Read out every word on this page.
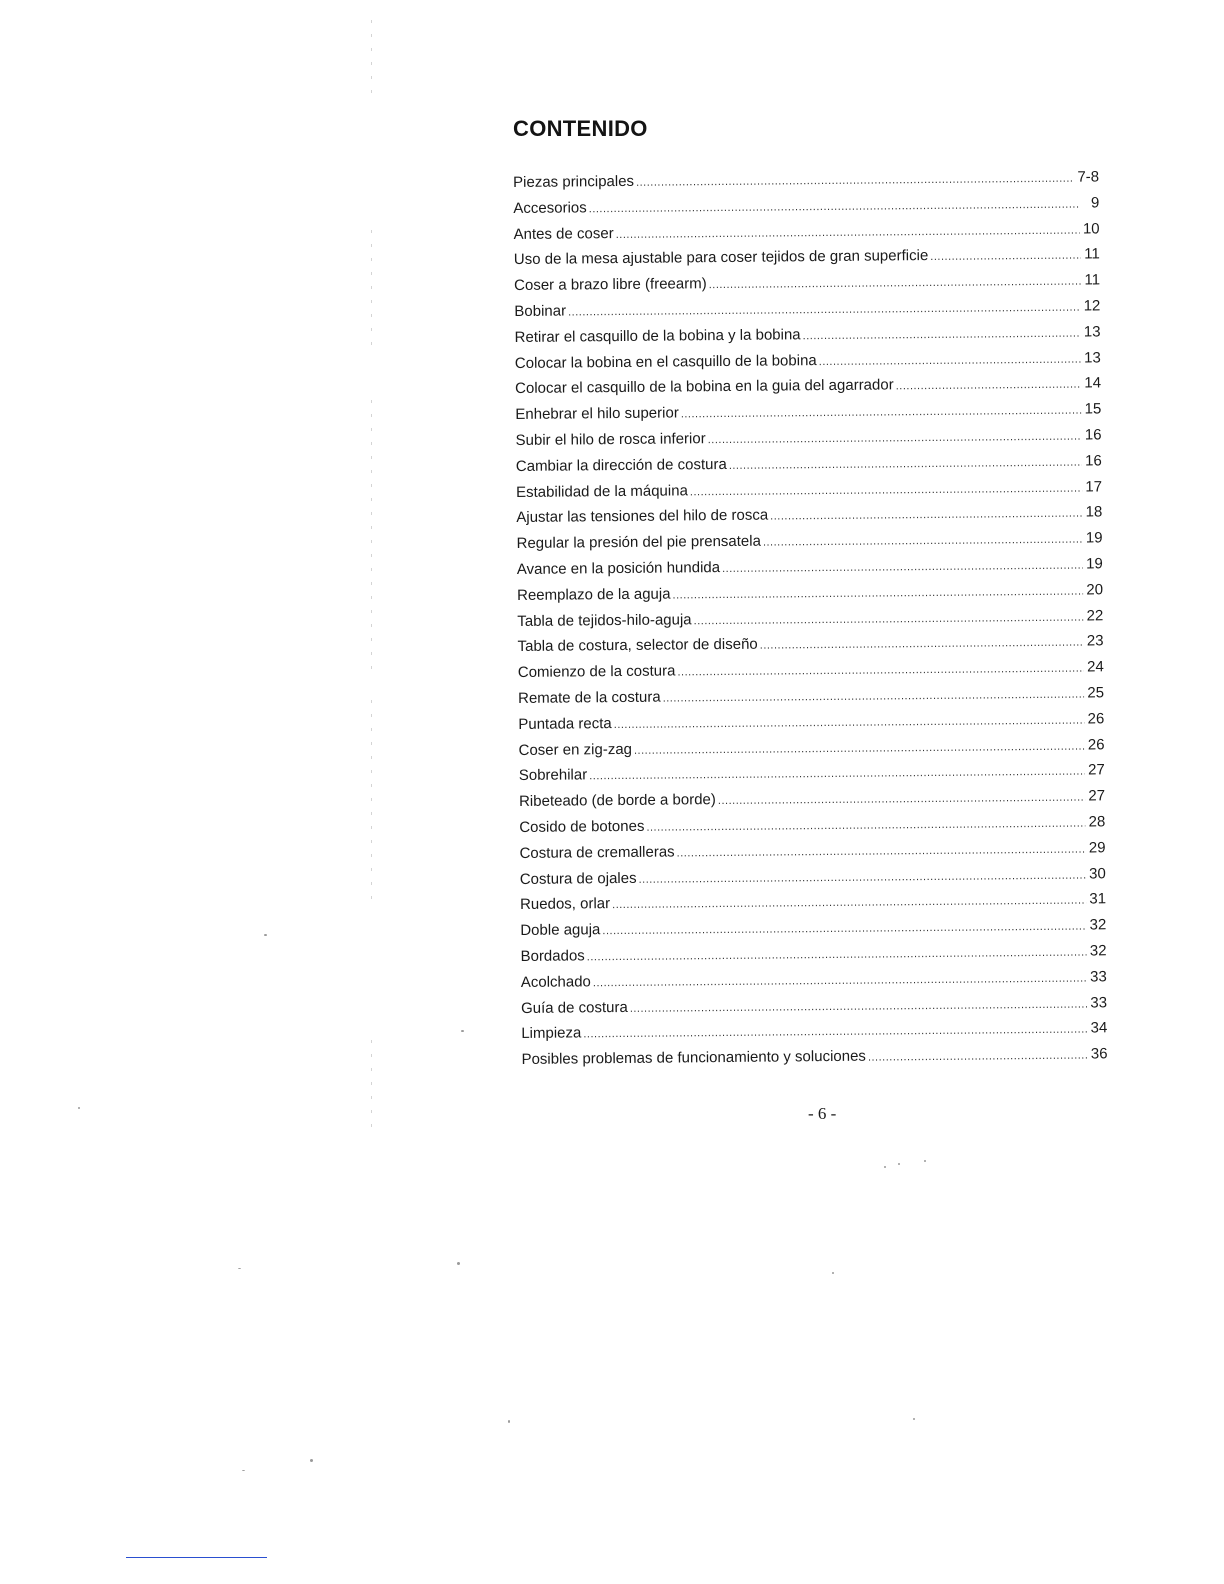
CONTENIDO
Piezas principales .....	7-8
Accesorios .....	9
Antes de coser .....	10
Uso de la mesa ajustable para coser tejidos de gran superficie .....	11
Coser a brazo libre (freearm) .....	11
Bobinar .....	12
Retirar el casquillo de la bobina y la bobina .....	13
Colocar la bobina en el casquillo de la bobina .....	13
Colocar el casquillo de la bobina en la guia del agarrador .....	14
Enhebrar el hilo superior .....	15
Subir el hilo de rosca inferior .....	16
Cambiar la dirección de costura .....	16
Estabilidad de la máquina .....	17
Ajustar las tensiones del hilo de rosca .....	18
Regular la presión del pie prensatela .....	19
Avance en la posición hundida .....	19
Reemplazo de la aguja .....	20
Tabla de tejidos-hilo-aguja .....	22
Tabla de costura, selector de diseño .....	23
Comienzo de la costura .....	24
Remate de la costura .....	25
Puntada recta .....	26
Coser en zig-zag .....	26
Sobrehilar .....	27
Ribeteado (de borde a borde) .....	27
Cosido de botones .....	28
Costura de cremalleras .....	29
Costura de ojales .....	30
Ruedos, orlar .....	31
Doble aguja .....	32
Bordados .....	32
Acolchado .....	33
Guía de costura .....	33
Limpieza .....	34
Posibles problemas de funcionamiento y soluciones .....	36
- 6 -
